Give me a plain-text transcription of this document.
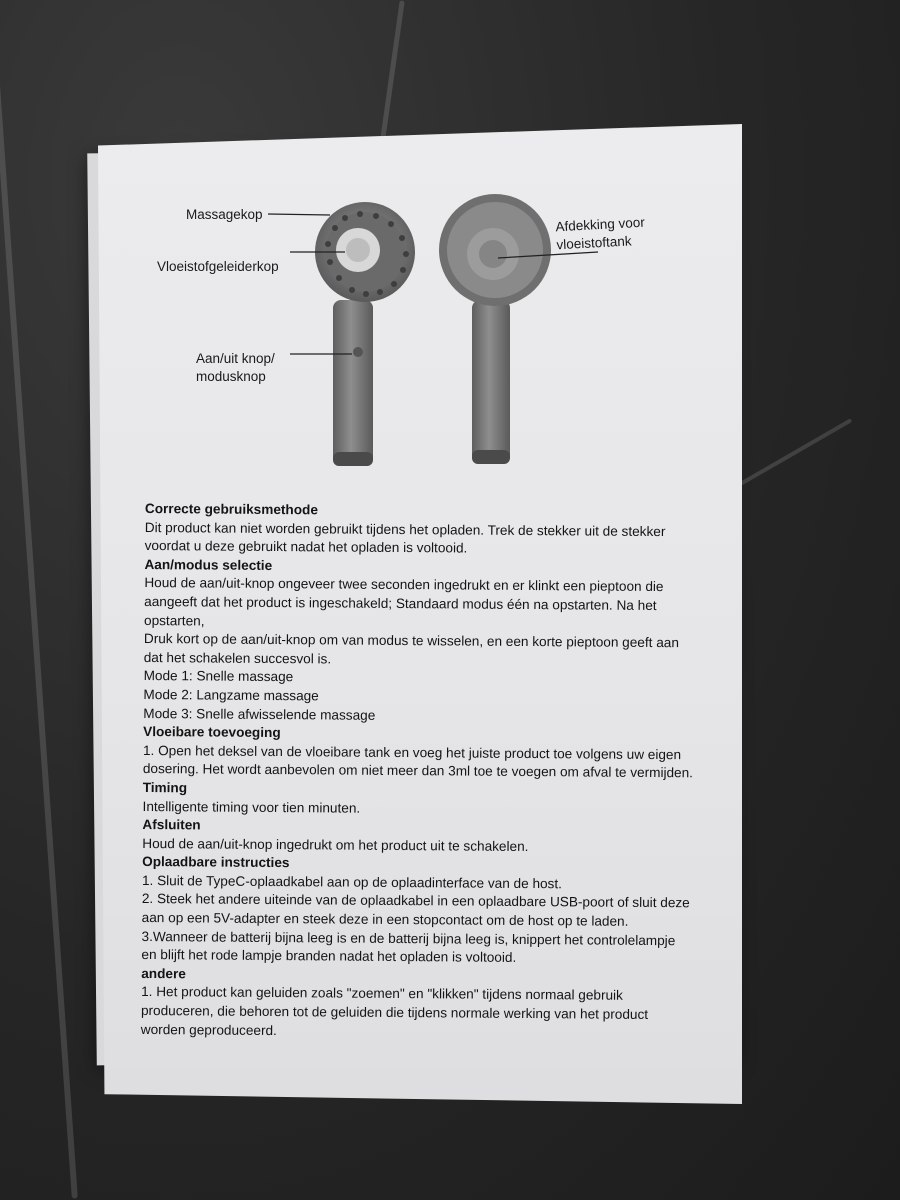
Massagekop
Vloeistofgeleiderkop
Aan/uit knop/
modusknop
Afdekking voor
vloeistoftank
Correcte gebruiksmethode

Dit product kan niet worden gebruikt tijdens het opladen. Trek de stekker uit de stekker

voordat u deze gebruikt nadat het opladen is voltooid.

Aan/modus selectie

Houd de aan/uit-knop ongeveer twee seconden ingedrukt en er klinkt een pieptoon die

aangeeft dat het product is ingeschakeld; Standaard modus één na opstarten. Na het

opstarten,

Druk kort op de aan/uit-knop om van modus te wisselen, en een korte pieptoon geeft aan

dat het schakelen succesvol is.

Mode 1: Snelle massage

Mode 2: Langzame massage

Mode 3: Snelle afwisselende massage

Vloeibare toevoeging

1. Open het deksel van de vloeibare tank en voeg het juiste product toe volgens uw eigen

dosering. Het wordt aanbevolen om niet meer dan 3ml toe te voegen om afval te vermijden.

Timing

Intelligente timing voor tien minuten.

Afsluiten

Houd de aan/uit-knop ingedrukt om het product uit te schakelen.

Oplaadbare instructies

1. Sluit de TypeC-oplaadkabel aan op de oplaadinterface van de host.

2. Steek het andere uiteinde van de oplaadkabel in een oplaadbare USB-poort of sluit deze

aan op een 5V-adapter en steek deze in een stopcontact om de host op te laden.

3.Wanneer de batterij bijna leeg is en de batterij bijna leeg is, knippert het controlelampje

en blijft het rode lampje branden nadat het opladen is voltooid.

andere

1. Het product kan geluiden zoals "zoemen" en "klikken" tijdens normaal gebruik

produceren, die behoren tot de geluiden die tijdens normale werking van het product

worden geproduceerd.
